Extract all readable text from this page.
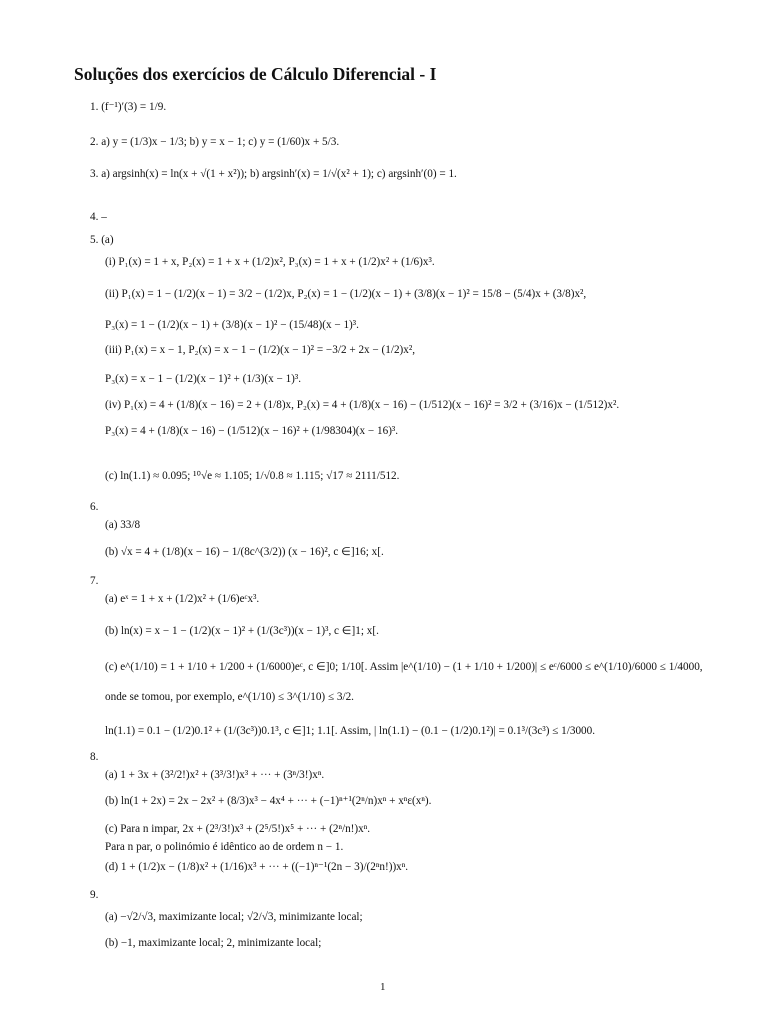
Soluções dos exercícios de Cálculo Diferencial - I
1. (f⁻¹)′(3) = 1/9.
2. a) y = (1/3)x − 1/3; b) y = x − 1; c) y = (1/60)x + 5/3.
3. a) argsinh(x) = ln(x + √(1 + x²)); b) argsinh′(x) = 1/√(x² + 1); c) argsinh′(0) = 1.
4. –
5. (a)
(i) P₁(x) = 1 + x, P₂(x) = 1 + x + (1/2)x², P₃(x) = 1 + x + (1/2)x² + (1/6)x³.
(ii) P₁(x) = 1 − (1/2)(x − 1) = 3/2 − (1/2)x, P₂(x) = 1 − (1/2)(x − 1) + (3/8)(x − 1)² = 15/8 − (5/4)x + (3/8)x²,
P₃(x) = 1 − (1/2)(x − 1) + (3/8)(x − 1)² − (15/48)(x − 1)³.
(iii) P₁(x) = x − 1, P₂(x) = x − 1 − (1/2)(x − 1)² = −3/2 + 2x − (1/2)x²,
P₃(x) = x − 1 − (1/2)(x − 1)² + (1/3)(x − 1)³.
(iv) P₁(x) = 4 + (1/8)(x − 16) = 2 + (1/8)x, P₂(x) = 4 + (1/8)(x − 16) − (1/512)(x − 16)² = 3/2 + (3/16)x − (1/512)x².
P₃(x) = 4 + (1/8)(x − 16) − (1/512)(x − 16)² + (1/98304)(x − 16)³.
(c) ln(1.1) ≈ 0.095; ¹⁰√e ≈ 1.105; 1/√0.8 ≈ 1.115; √17 ≈ 2111/512.
6.
(a) 33/8
(b) √x = 4 + (1/8)(x − 16) − 1/(8c^(3/2)) (x − 16)², c ∈]16; x[.
7.
(a) eˣ = 1 + x + (1/2)x² + (1/6)eᶜx³.
(b) ln(x) = x − 1 − (1/2)(x − 1)² + (1/(3c³))(x − 1)³, c ∈]1; x[.
(c) e^(1/10) = 1 + 1/10 + 1/200 + (1/6000)eᶜ, c ∈]0; 1/10[. Assim |e^(1/10) − (1 + 1/10 + 1/200)| ≤ eᶜ/6000 ≤ e^(1/10)/6000 ≤ 1/4000,
onde se tomou, por exemplo, e^(1/10) ≤ 3^(1/10) ≤ 3/2.
ln(1.1) = 0.1 − (1/2)0.1² + (1/(3c³))0.1³, c ∈]1; 1.1[. Assim, | ln(1.1) − (0.1 − (1/2)0.1²)| = 0.1³/(3c³) ≤ 1/3000.
8.
(a) 1 + 3x + (3²/2!)x² + (3³/3!)x³ + ··· + (3ⁿ/3!)xⁿ.
(b) ln(1 + 2x) = 2x − 2x² + (8/3)x³ − 4x⁴ + ··· + (−1)ⁿ⁺¹(2ⁿ/n)xⁿ + xⁿε(xⁿ).
(c) Para n impar, 2x + (2³/3!)x³ + (2⁵/5!)x⁵ + ··· + (2ⁿ/n!)xⁿ.
Para n par, o polinómio é idêntico ao de ordem n − 1.
(d) 1 + (1/2)x − (1/8)x² + (1/16)x³ + ··· + ((−1)ⁿ⁻¹(2n − 3)/(2ⁿn!))xⁿ.
9.
(a) −√2/√3, maximizante local; √2/√3, minimizante local;
(b) −1, maximizante local; 2, minimizante local;
1
